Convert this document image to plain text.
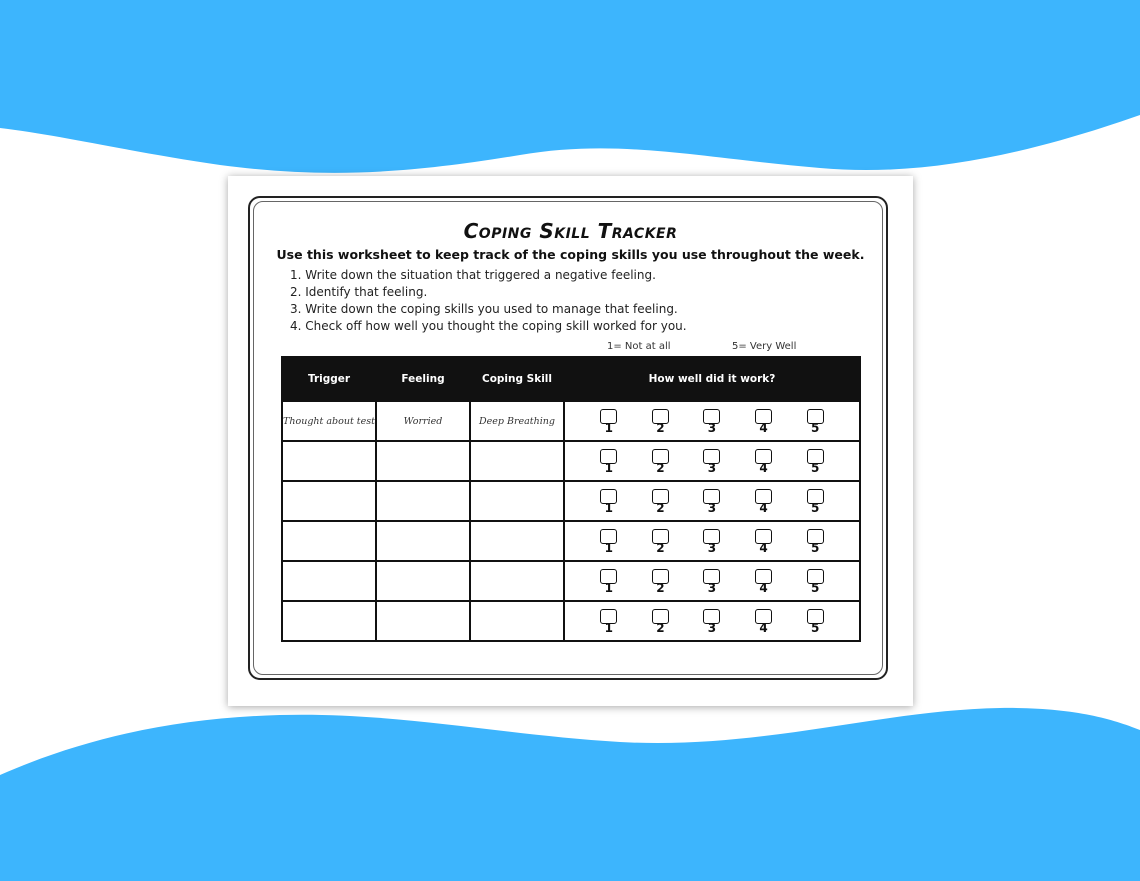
Coping Skill Tracker
Use this worksheet to keep track of the coping skills you use throughout the week.
1. Write down the situation that triggered a negative feeling.
2. Identify that feeling.
3. Write down the coping skills you used to manage that feeling.
4. Check off how well you thought the coping skill worked for you.
1= Not at all	5= Very Well
Trigger	Feeling	Coping Skill	How well did it work?
Thought about test	Worried	Deep Breathing	1 2 3 4 5

			1 2 3 4 5

			1 2 3 4 5

			1 2 3 4 5

			1 2 3 4 5

			1 2 3 4 5
